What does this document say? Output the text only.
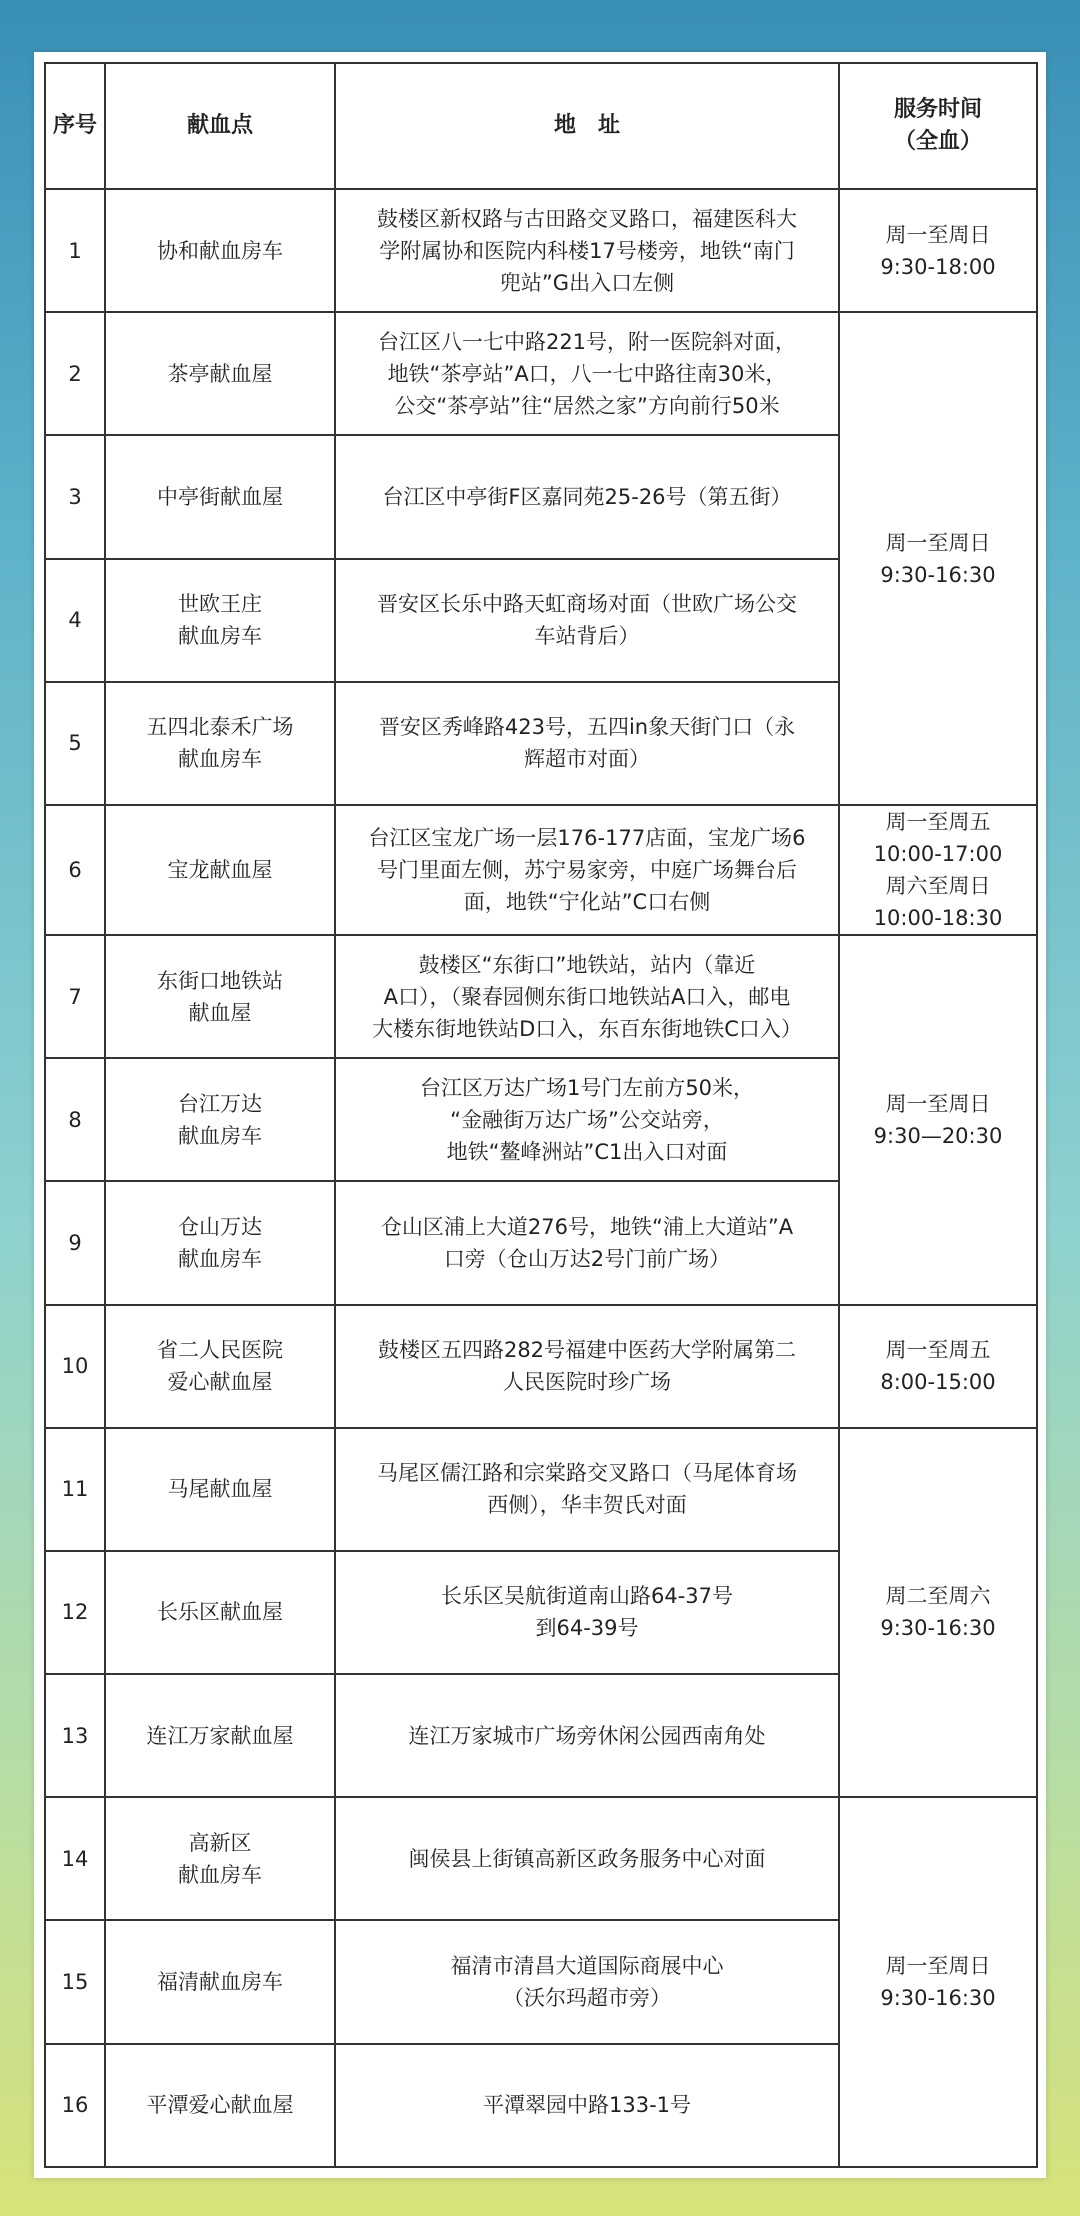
序号	献血点	地　址	服务时间
（全血）

1	协和献血房车	鼓楼区新权路与古田路交叉路口，福建医科大
学附属协和医院内科楼17号楼旁，地铁“南门
兜站”G出入口左侧	周一至周日
9:30-18:00

2	茶亭献血屋	台江区八一七中路221号，附一医院斜对面，
地铁“茶亭站”A口，八一七中路往南30米，
公交“茶亭站”往“居然之家”方向前行50米	周一至周日
9:30-16:30

3	中亭街献血屋	台江区中亭街F区嘉同苑25-26号（第五街）	

4	世欧王庄
献血房车	晋安区长乐中路天虹商场对面（世欧广场公交
车站背后）	

5	五四北泰禾广场
献血房车	晋安区秀峰路423号，五四in象天街门口（永
辉超市对面）	

6	宝龙献血屋	台江区宝龙广场一层176-177店面，宝龙广场6
号门里面左侧，苏宁易家旁，中庭广场舞台后
面，地铁“宁化站”C口右侧	周一至周五
10:00-17:00
周六至周日
10:00-18:30

7	东街口地铁站
献血屋	鼓楼区“东街口”地铁站，站内（靠近
A口），（聚春园侧东街口地铁站A口入，邮电
大楼东街地铁站D口入，东百东街地铁C口入）	周一至周日
9:30—20:30

8	台江万达
献血房车	台江区万达广场1号门左前方50米，
“金融街万达广场”公交站旁，
地铁“鳌峰洲站”C1出入口对面	

9	仓山万达
献血房车	仓山区浦上大道276号，地铁“浦上大道站”A
口旁（仓山万达2号门前广场）	

10	省二人民医院
爱心献血屋	鼓楼区五四路282号福建中医药大学附属第二
人民医院时珍广场	周一至周五
8:00-15:00

11	马尾献血屋	马尾区儒江路和宗棠路交叉路口（马尾体育场
西侧），华丰贺氏对面	周二至周六
9:30-16:30

12	长乐区献血屋	长乐区吴航街道南山路64-37号
到64-39号	

13	连江万家献血屋	连江万家城市广场旁休闲公园西南角处	

14	高新区
献血房车	闽侯县上街镇高新区政务服务中心对面	周一至周日
9:30-16:30

15	福清献血房车	福清市清昌大道国际商展中心
（沃尔玛超市旁）	

16	平潭爱心献血屋	平潭翠园中路133-1号	
